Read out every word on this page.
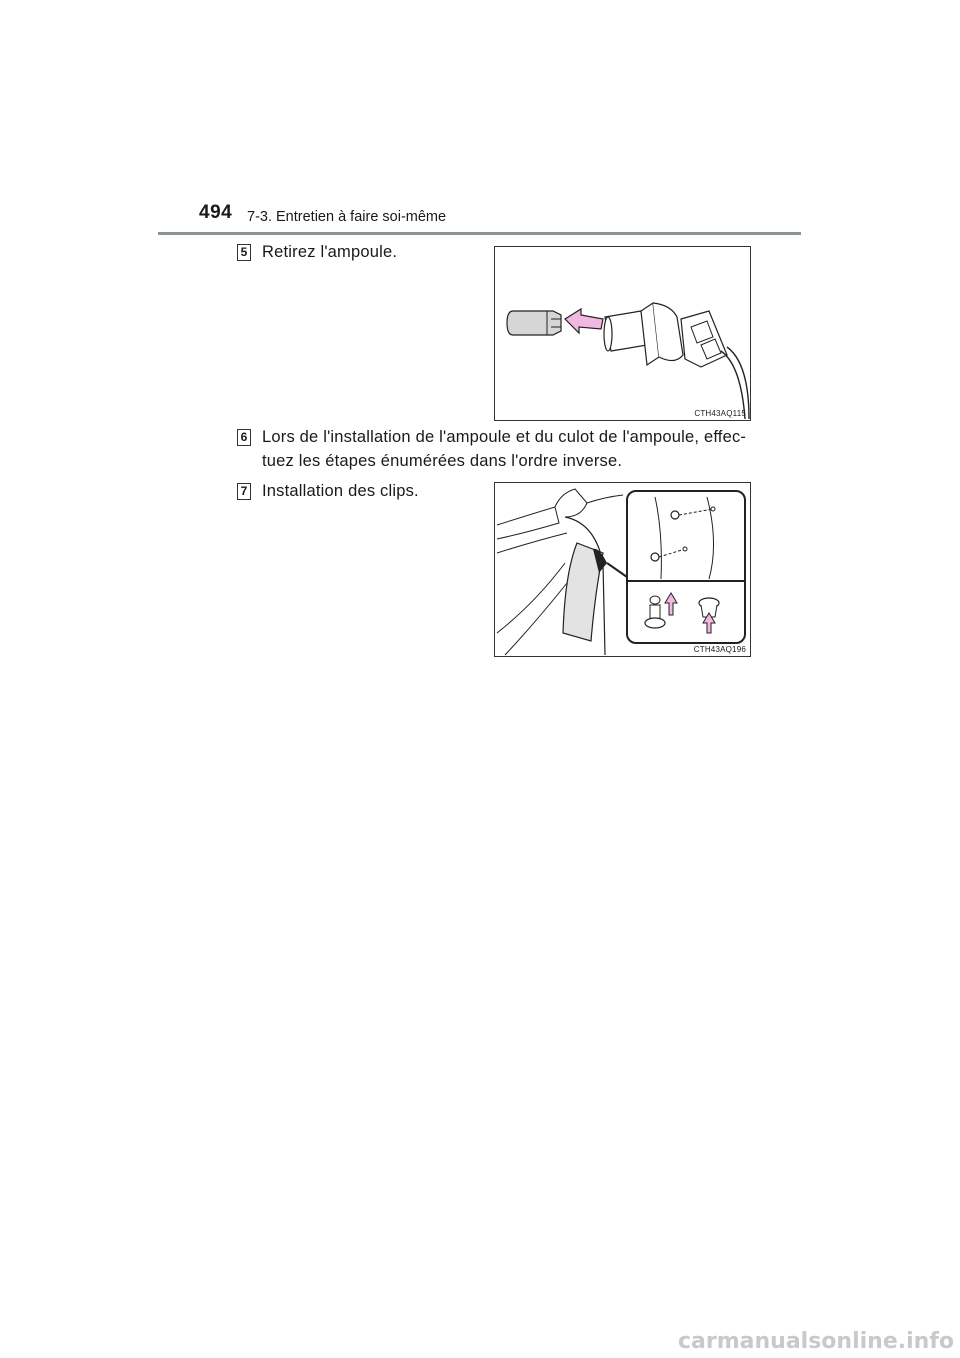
494 7-3. Entretien à faire soi-même
5 Retirez l'ampoule.
CTH43AQ115
6 Lors de l'installation de l'ampoule et du culot de l'ampoule, effec-
tuez les étapes énumérées dans l'ordre inverse.
7 Installation des clips.
CTH43AQ196
carmanualsonline.info
